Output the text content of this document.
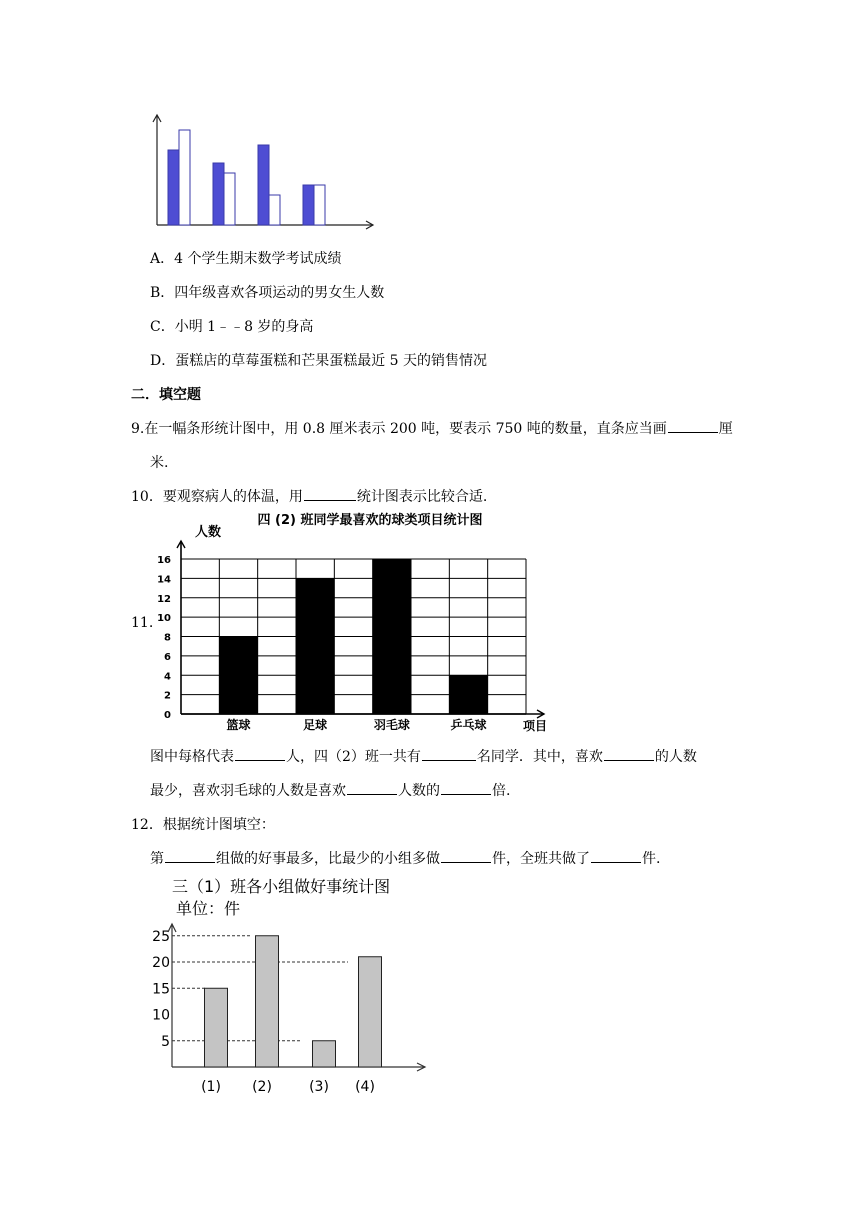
A．4 个学生期末数学考试成绩
B．四年级喜欢各项运动的男女生人数
C．小明 1﹣﹣8 岁的身高
D．蛋糕店的草莓蛋糕和芒果蛋糕最近 5 天的销售情况
二．填空题
9.在一幅条形统计图中，用 0.8 厘米表示 200 吨，要表示 750 吨的数量，直条应当画	厘
米.
10．要观察病人的体温，用	统计图表示比较合适.
11.
四 (2) 班同学最喜欢的球类项目统计图
人数
项目
0
2
4
6
8
10
12
14
16
篮球	足球	羽毛球	乒乓球
图中每格代表	人，四（2）班一共有	名同学．其中，喜欢	的人数
最少，喜欢羽毛球的人数是喜欢	人数的	倍.
12．根据统计图填空：
第	组做的好事最多，比最少的小组多做	件，全班共做了	件.
三（1）班各小组做好事统计图
单位：件
5
10
15
20
25
(1) (2)	(3) (4)
